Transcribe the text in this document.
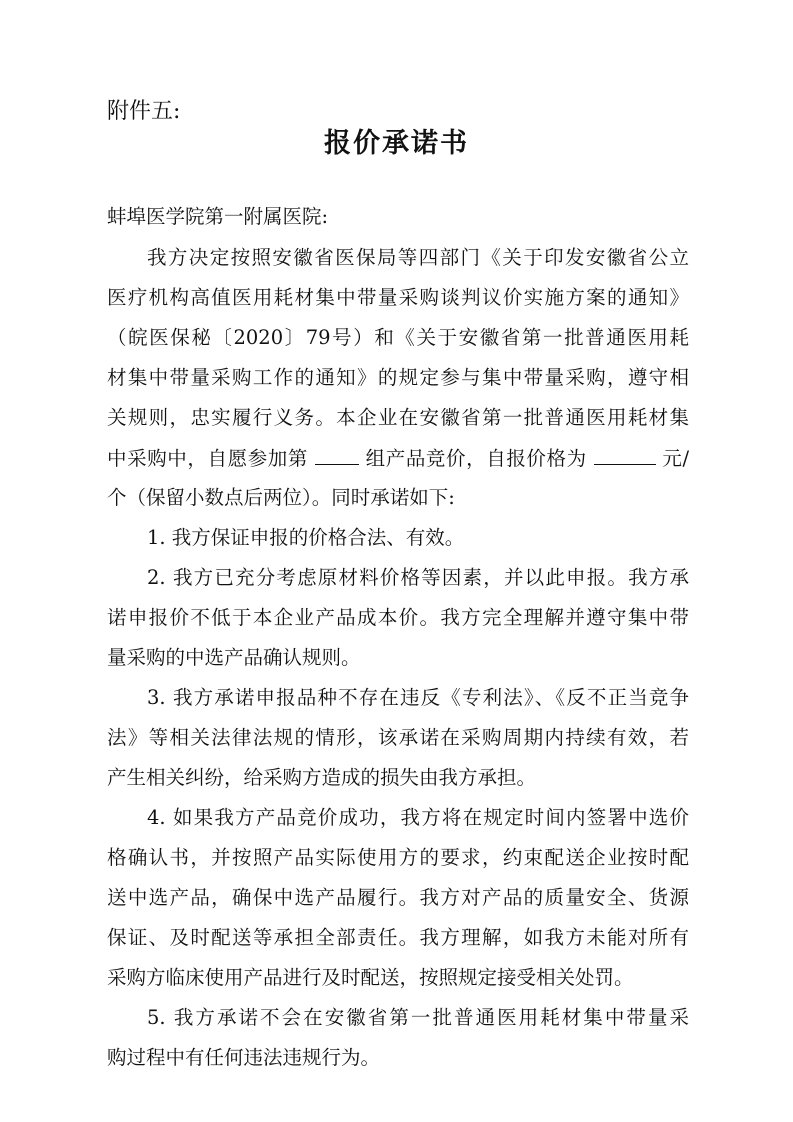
附件五:
报价承诺书
蚌埠医学院第一附属医院:
我方决定按照安徽省医保局等四部门《关于印发安徽省公立
医疗机构高值医用耗材集中带量采购谈判议价实施方案的通知》
（皖医保秘〔2020〕79号）和《关于安徽省第一批普通医用耗
材集中带量采购工作的通知》的规定参与集中带量采购，遵守相
关规则，忠实履行义务。本企业在安徽省第一批普通医用耗材集
中采购中，自愿参加第	组产品竞价，自报价格为	元/
个（保留小数点后两位）。同时承诺如下:
1. 我方保证申报的价格合法、有效。
2. 我方已充分考虑原材料价格等因素，并以此申报。我方承
诺申报价不低于本企业产品成本价。我方完全理解并遵守集中带
量采购的中选产品确认规则。
3. 我方承诺申报品种不存在违反《专利法》、《反不正当竞争
法》等相关法律法规的情形，该承诺在采购周期内持续有效，若
产生相关纠纷，给采购方造成的损失由我方承担。
4. 如果我方产品竞价成功，我方将在规定时间内签署中选价
格确认书，并按照产品实际使用方的要求，约束配送企业按时配
送中选产品，确保中选产品履行。我方对产品的质量安全、货源
保证、及时配送等承担全部责任。我方理解，如我方未能对所有
采购方临床使用产品进行及时配送，按照规定接受相关处罚。
5. 我方承诺不会在安徽省第一批普通医用耗材集中带量采
购过程中有任何违法违规行为。
